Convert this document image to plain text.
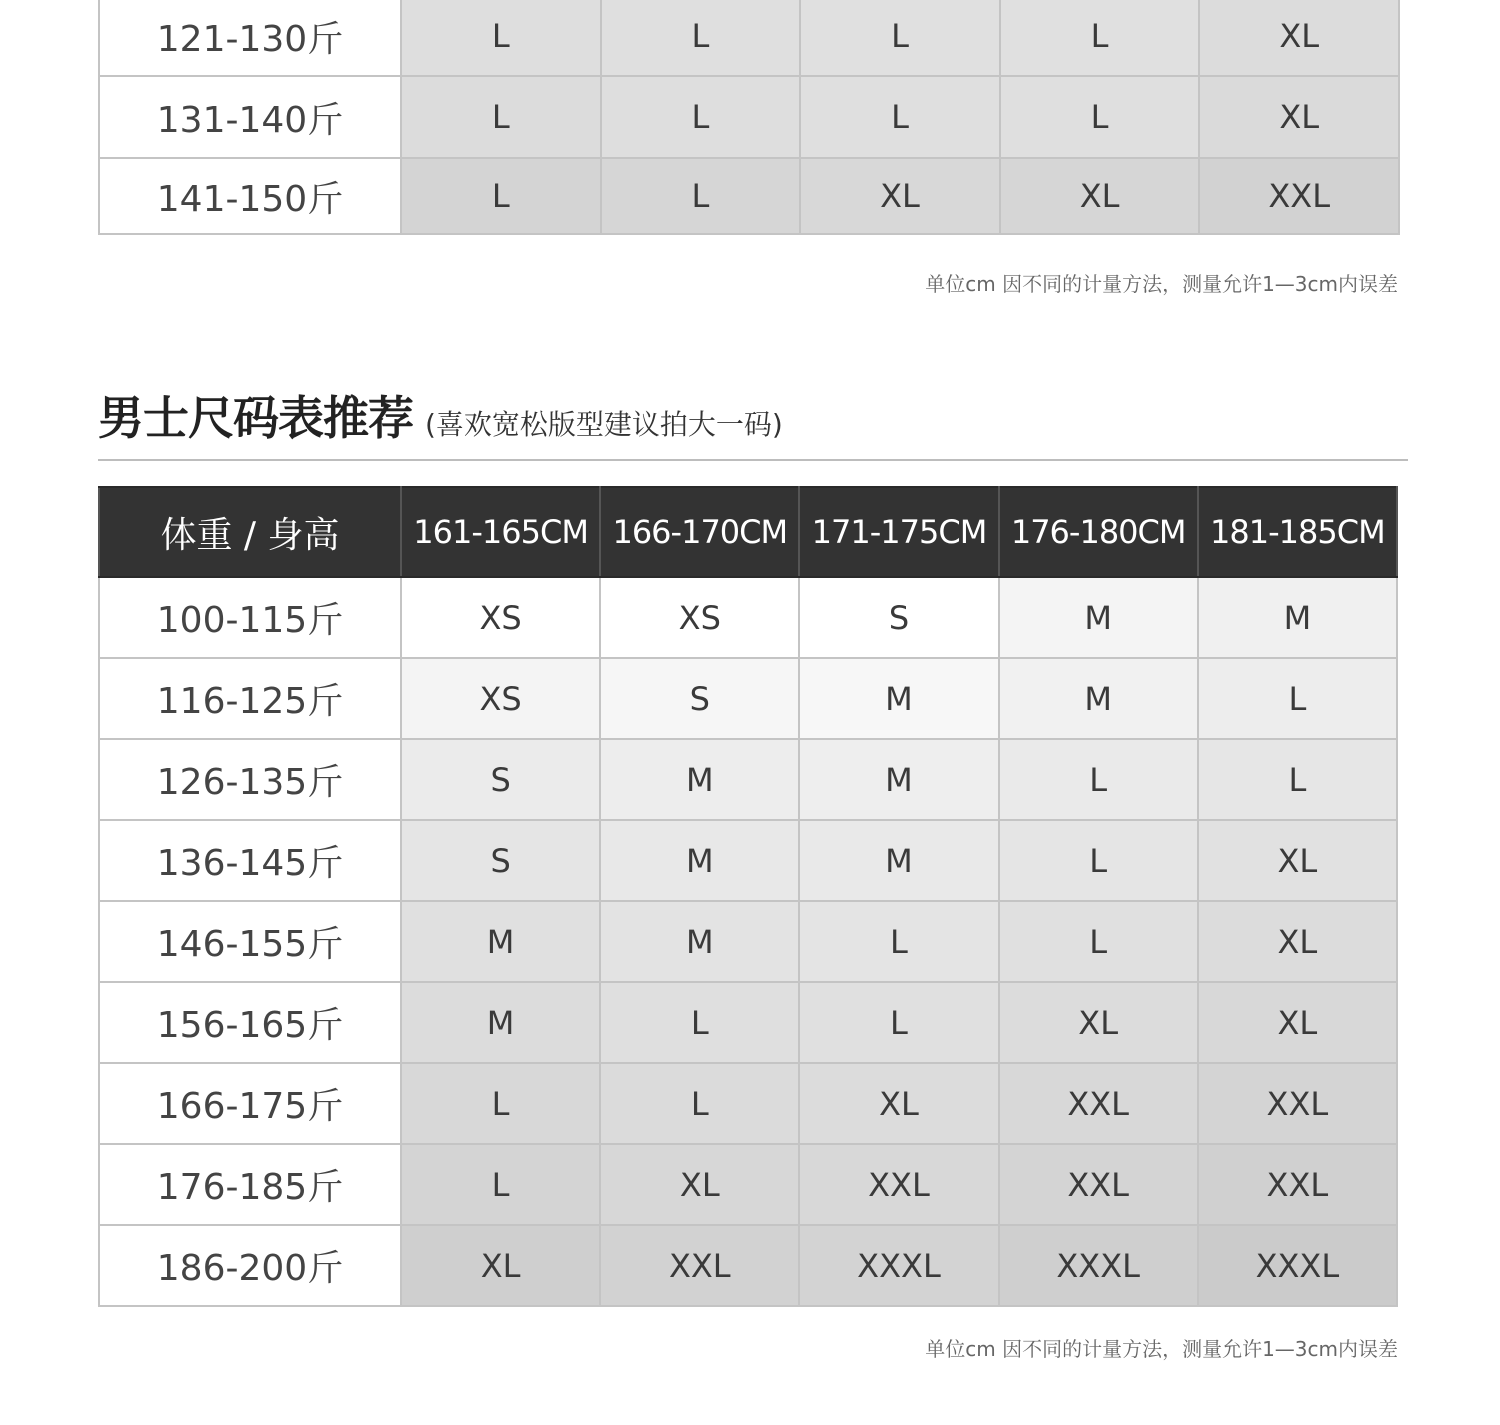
121-130斤	L	L	L	L	XL
131-140斤	L	L	L	L	XL
141-150斤	L	L	XL	XL	XXL
单位cm 因不同的计量方法，测量允许1—3cm内误差
男士尺码表推荐 (喜欢宽松版型建议拍大一码)
体重 / 身高	161-165CM	166-170CM	171-175CM	176-180CM	181-185CM
100-115斤	XS	XS	S	M	M
116-125斤	XS	S	M	M	L
126-135斤	S	M	M	L	L
136-145斤	S	M	M	L	XL
146-155斤	M	M	L	L	XL
156-165斤	M	L	L	XL	XL
166-175斤	L	L	XL	XXL	XXL
176-185斤	L	XL	XXL	XXL	XXL
186-200斤	XL	XXL	XXXL	XXXL	XXXL
单位cm 因不同的计量方法，测量允许1—3cm内误差
